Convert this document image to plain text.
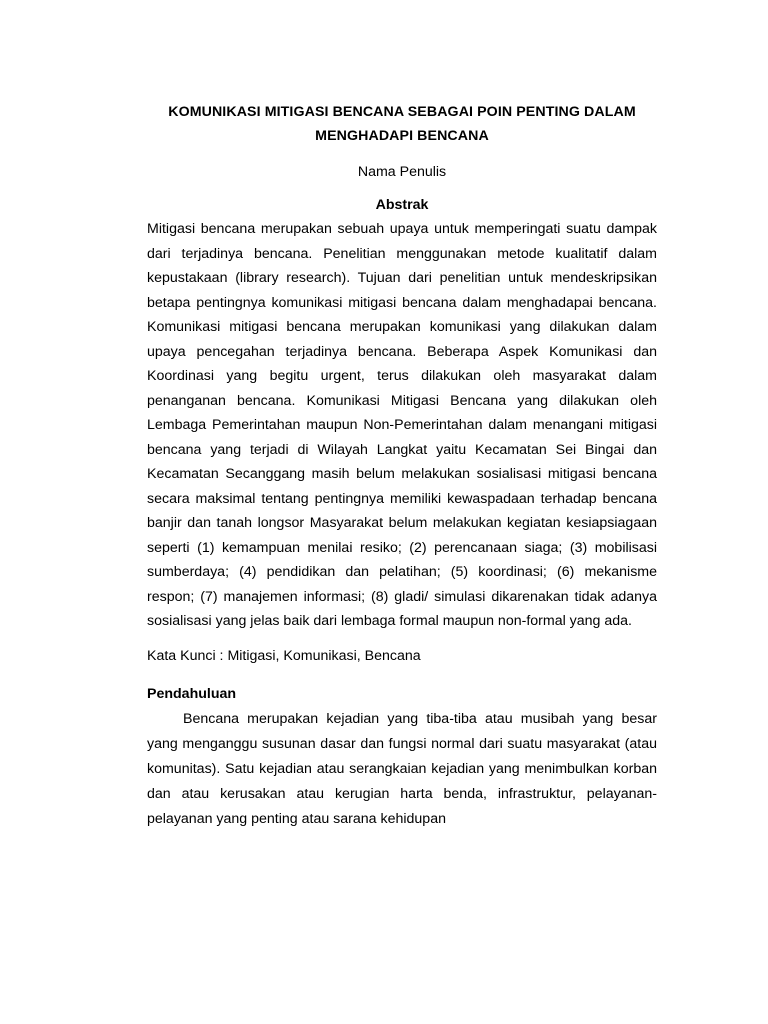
KOMUNIKASI MITIGASI BENCANA SEBAGAI POIN PENTING DALAM
MENGHADAPI BENCANA

Nama Penulis

Abstrak

Mitigasi bencana merupakan sebuah upaya untuk memperingati suatu dampak dari terjadinya bencana. Penelitian menggunakan metode kualitatif dalam kepustakaan (library research). Tujuan dari penelitian untuk mendeskripsikan betapa pentingnya komunikasi mitigasi bencana dalam menghadapai bencana. Komunikasi mitigasi bencana merupakan komunikasi yang dilakukan dalam upaya pencegahan terjadinya bencana. Beberapa Aspek Komunikasi dan Koordinasi yang begitu urgent, terus dilakukan oleh masyarakat dalam penanganan bencana. Komunikasi Mitigasi Bencana yang dilakukan oleh Lembaga Pemerintahan maupun Non-Pemerintahan dalam menangani mitigasi bencana yang terjadi di Wilayah Langkat yaitu Kecamatan Sei Bingai dan Kecamatan Secanggang masih belum melakukan sosialisasi mitigasi bencana secara maksimal tentang pentingnya memiliki kewaspadaan terhadap bencana banjir dan tanah longsor Masyarakat belum melakukan kegiatan kesiapsiagaan seperti (1) kemampuan menilai resiko; (2) perencanaan siaga; (3) mobilisasi sumberdaya; (4) pendidikan dan pelatihan; (5) koordinasi; (6) mekanisme respon; (7) manajemen informasi; (8) gladi/ simulasi dikarenakan tidak adanya sosialisasi yang jelas baik dari lembaga formal maupun non-formal yang ada.

Kata Kunci : Mitigasi, Komunikasi, Bencana

Pendahuluan

Bencana merupakan kejadian yang tiba-tiba atau musibah yang besar yang menganggu susunan dasar dan fungsi normal dari suatu masyarakat (atau komunitas). Satu kejadian atau serangkaian kejadian yang menimbulkan korban dan atau kerusakan atau kerugian harta benda, infrastruktur, pelayanan-pelayanan yang penting atau sarana kehidupan
